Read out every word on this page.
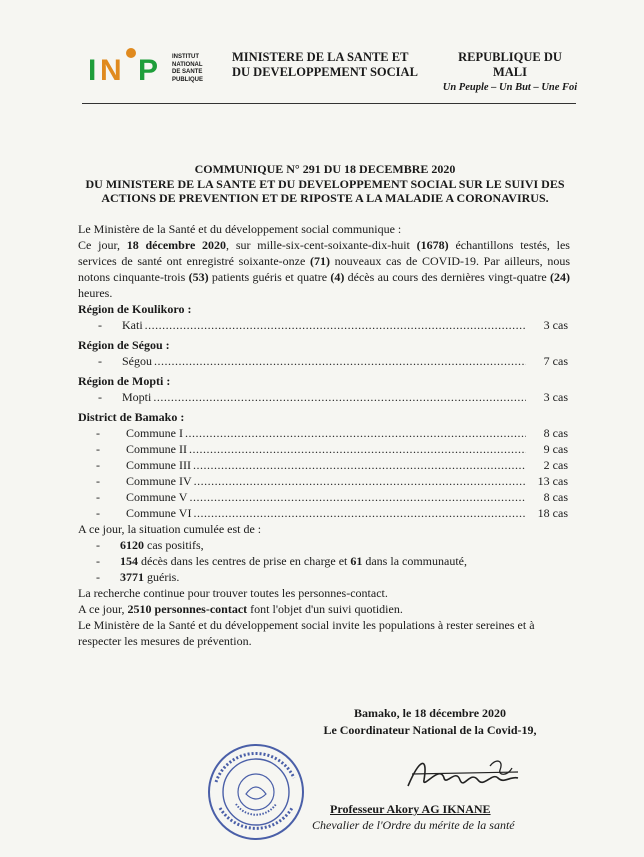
I N P INSTITUT
NATIONAL
DE SANTE
PUBLIQUE
MINISTERE DE LA SANTE ET
DU DEVELOPPEMENT SOCIAL
REPUBLIQUE DU MALI
Un Peuple – Un But – Une Foi
COMMUNIQUE N° 291 DU 18 DECEMBRE 2020
DU MINISTERE DE LA SANTE ET DU DEVELOPPEMENT SOCIAL SUR LE SUIVI DES
ACTIONS DE PREVENTION ET DE RIPOSTE A LA MALADIE A CORONAVIRUS.
Le Ministère de la Santé et du développement social communique :
Ce jour, 18 décembre 2020, sur mille-six-cent-soixante-dix-huit (1678) échantillons testés, les services de santé ont enregistré soixante-onze (71) nouveaux cas de COVID-19. Par ailleurs, nous notons cinquante-trois (53) patients guéris et quatre (4) décès au cours des dernières vingt-quatre (24) heures.
Région de Koulikoro :
-	Kati .....	3 cas
Région de Ségou :
-	Ségou .....	7 cas
Région de Mopti :
-	Mopti .....	3 cas
District de Bamako :
-	Commune I .....	8 cas
-	Commune II .....	9 cas
-	Commune III .....	2 cas
-	Commune IV .....	13 cas
-	Commune V .....	8 cas
-	Commune VI .....	18 cas
A ce jour, la situation cumulée est de :
-	6120 cas positifs,
-	154 décès dans les centres de prise en charge et 61 dans la communauté,
-	3771 guéris.
La recherche continue pour trouver toutes les personnes-contact.
A ce jour, 2510 personnes-contact font l'objet d'un suivi quotidien.
Le Ministère de la Santé et du développement social invite les populations à rester sereines et à respecter les mesures de prévention.
Bamako, le 18 décembre 2020
Le Coordinateur National de la Covid-19,
Professeur Akory AG IKNANE
Chevalier de l'Ordre du mérite de la santé
